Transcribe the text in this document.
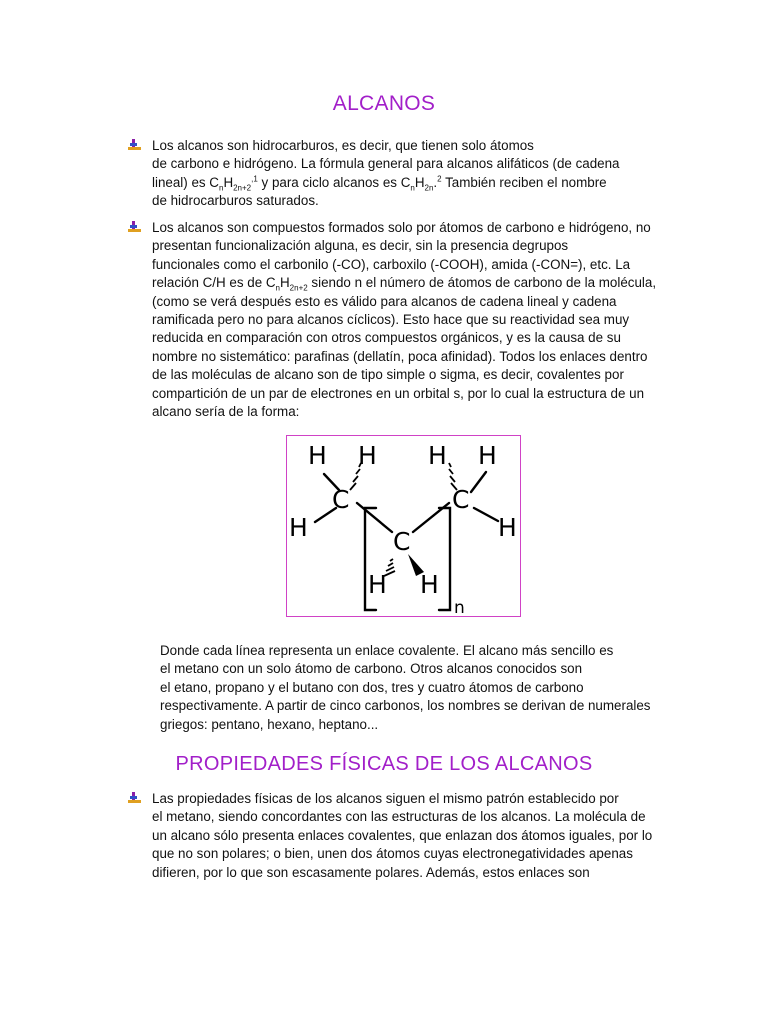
ALCANOS
Los alcanos son hidrocarburos, es decir, que tienen solo átomos
de carbono e hidrógeno. La fórmula general para alcanos alifáticos (de cadena
lineal) es $C_nH_{2n+2}^{,1}$ y para ciclo alcanos es $C_nH_{2n}.^2$ También reciben el nombre
de hidrocarburos saturados.
Los alcanos son compuestos formados solo por átomos de carbono e hidrógeno, no
presentan funcionalización alguna, es decir, sin la presencia degrupos
funcionales como el carbonilo (-CO), carboxilo (-COOH), amida (-CON=), etc. La
relación C/H es de $C_nH_{2n+2}$ siendo n el número de átomos de carbono de la molécula,
(como se verá después esto es válido para alcanos de cadena lineal y cadena
ramificada pero no para alcanos cíclicos). Esto hace que su reactividad sea muy
reducida en comparación con otros compuestos orgánicos, y es la causa de su
nombre no sistemático: parafinas (dellatín, poca afinidad). Todos los enlaces dentro
de las moléculas de alcano son de tipo simple o sigma, es decir, covalentes por
compartición de un par de electrones en un orbital s, por lo cual la estructura de un
alcano sería de la forma:
H H H H
C	C
C
H	H
H H
n
Donde cada línea representa un enlace covalente. El alcano más sencillo es
el metano con un solo átomo de carbono. Otros alcanos conocidos son
el etano, propano y el butano con dos, tres y cuatro átomos de carbono
respectivamente. A partir de cinco carbonos, los nombres se derivan de numerales
griegos: pentano, hexano, heptano...
PROPIEDADES FÍSICAS DE LOS ALCANOS
Las propiedades físicas de los alcanos siguen el mismo patrón establecido por
el metano, siendo concordantes con las estructuras de los alcanos. La molécula de
un alcano sólo presenta enlaces covalentes, que enlazan dos átomos iguales, por lo
que no son polares; o bien, unen dos átomos cuyas electronegatividades apenas
difieren, por lo que son escasamente polares. Además, estos enlaces son
